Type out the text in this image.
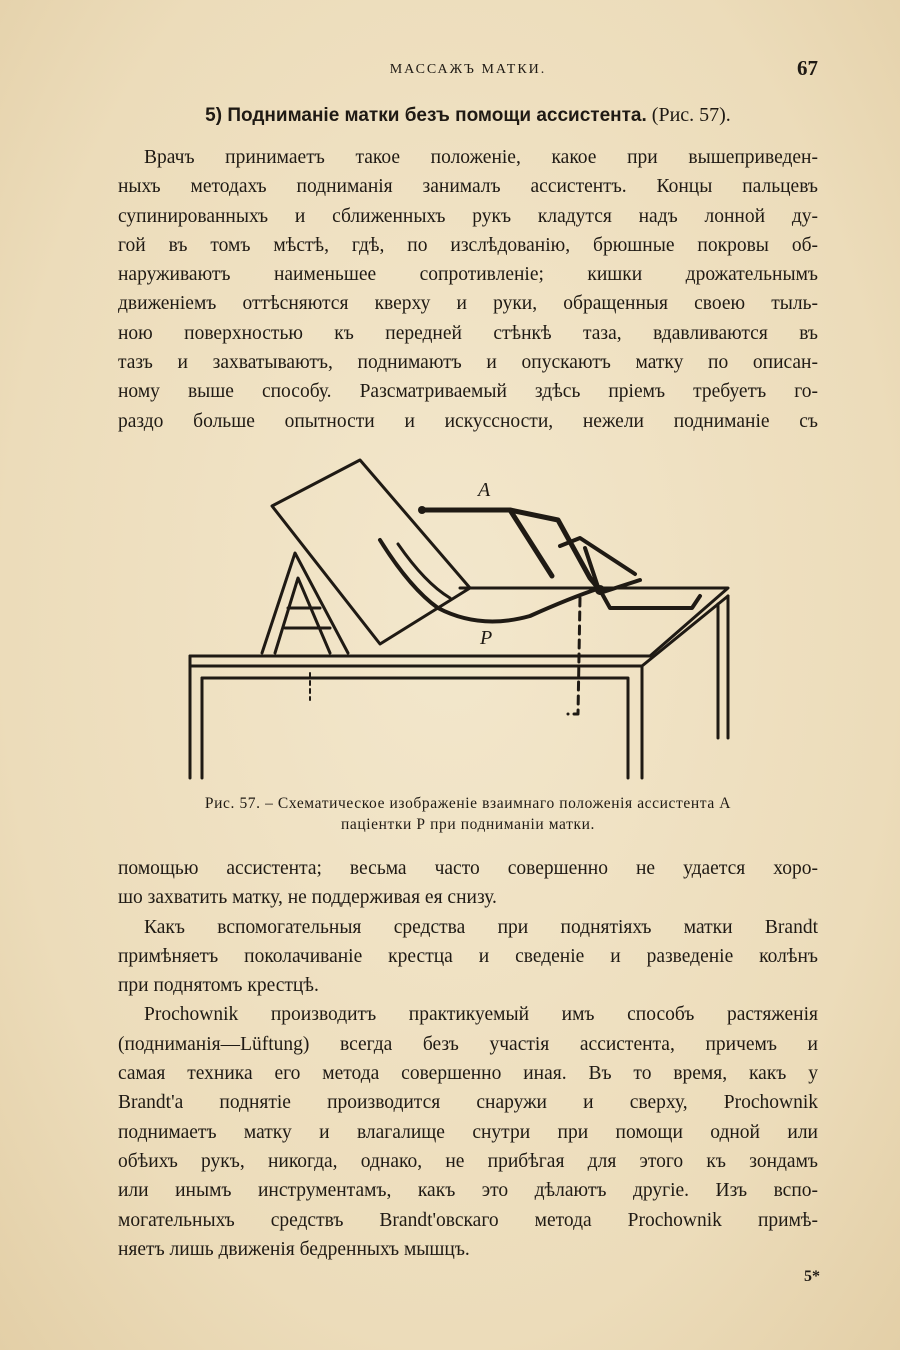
МАССАЖЪ МАТКИ.	67
5) Подниманіе матки безъ помощи ассистента. (Рис. 57).

Врачъ принимаетъ такое положеніе, какое при вышеприведен-

ныхъ методахъ подниманія занималъ ассистентъ. Концы пальцевъ

супинированныхъ и сближенныхъ рукъ кладутся надъ лонной ду-

гой въ томъ мѣстѣ, гдѣ, по изслѣдованію, брюшные покровы об-

наруживаютъ наименьшее сопротивленіе; кишки дрожательнымъ

движеніемъ оттѣсняются кверху и руки, обращенныя своею тыль-

ною поверхностью къ передней стѣнкѣ таза, вдавливаются въ

тазъ и захватываютъ, поднимаютъ и опускаютъ матку по описан-

ному выше способу. Разсматриваемый здѣсь пріемъ требуетъ го-

раздо больше опытности и искуссности, нежели подниманіе съ

A
P
Рис. 57. – Схематическое изображеніе взаимнаго положенія ассистента А
паціентки Р при подниманіи матки.

помощью ассистента; весьма часто совершенно не удается хоро-

шо захватить матку, не поддерживая ея снизу.

Какъ вспомогательныя средства при поднятіяхъ матки Brandt

примѣняетъ поколачиваніе крестца и сведеніе и разведеніе колѣнъ

при поднятомъ крестцѣ.

Prochownik производитъ практикуемый имъ способъ растяженія

(подниманія—Lüftung) всегда безъ участія ассистента, причемъ и

самая техника его метода совершенно иная. Въ то время, какъ у

Brandt'а поднятіе производится снаружи и сверху, Prochownik

поднимаетъ матку и влагалище снутри при помощи одной или

обѣихъ рукъ, никогда, однако, не прибѣгая для этого къ зондамъ

или инымъ инструментамъ, какъ это дѣлаютъ другіе. Изъ вспо-

могательныхъ средствъ Brandt'овскаго метода Prochownik примѣ-

няетъ лишь движенія бедренныхъ мышцъ.

5*
